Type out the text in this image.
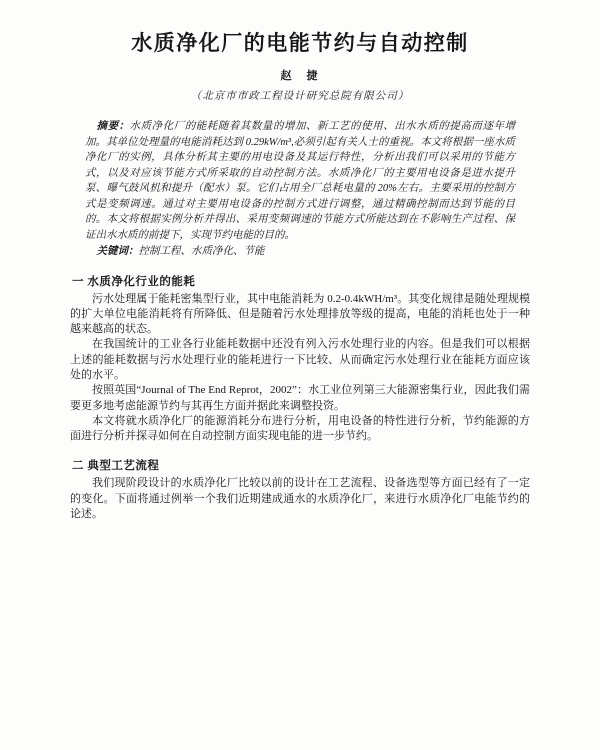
水质净化厂的电能节约与自动控制
赵　捷
（北京市市政工程设计研究总院有限公司）

摘要：水质净化厂的能耗随着其数量的增加、新工艺的使用、出水水质的提高而逐年增加。其单位处理量的电能消耗达到 0.29kW/m³,必须引起有关人士的重视。本文将根据一座水质净化厂的实例，具体分析其主要的用电设备及其运行特性，分析出我们可以采用的节能方式，以及对应该节能方式所采取的自动控制方法。水质净化厂的主要用电设备是进水提升泵、曝气鼓风机和提升（配水）泵。它们占用全厂总耗电量的 20%左右。主要采用的控制方式是变频调速。通过对主要用电设备的控制方式进行调整，通过精确控制而达到节能的目的。本文将根据实例分析并得出、采用变频调速的节能方式所能达到在不影响生产过程、保证出水水质的前提下，实现节约电能的目的。

关键词：控制工程、水质净化、节能

一 水质净化行业的能耗

污水处理属于能耗密集型行业，其中电能消耗为 0.2-0.4kWH/m³。其变化规律是随处理规模的扩大单位电能消耗将有所降低、但是随着污水处理排放等级的提高，电能的消耗也处于一种越来越高的状态。

在我国统计的工业各行业能耗数据中还没有列入污水处理行业的内容。但是我们可以根据上述的能耗数据与污水处理行业的能耗进行一下比较、从而确定污水处理行业在能耗方面应该处的水平。

按照英国“Journal of The End Reprot，2002”：水工业位列第三大能源密集行业，因此我们需要更多地考虑能源节约与其再生方面并据此来调整投资。

本文将就水质净化厂的能源消耗分布进行分析，用电设备的特性进行分析，节约能源的方面进行分析并探寻如何在自动控制方面实现电能的进一步节约。

二 典型工艺流程

我们现阶段设计的水质净化厂比较以前的设计在工艺流程、设备选型等方面已经有了一定的变化。下面将通过例举一个我们近期建成通水的水质净化厂，来进行水质净化厂电能节约的论述。
